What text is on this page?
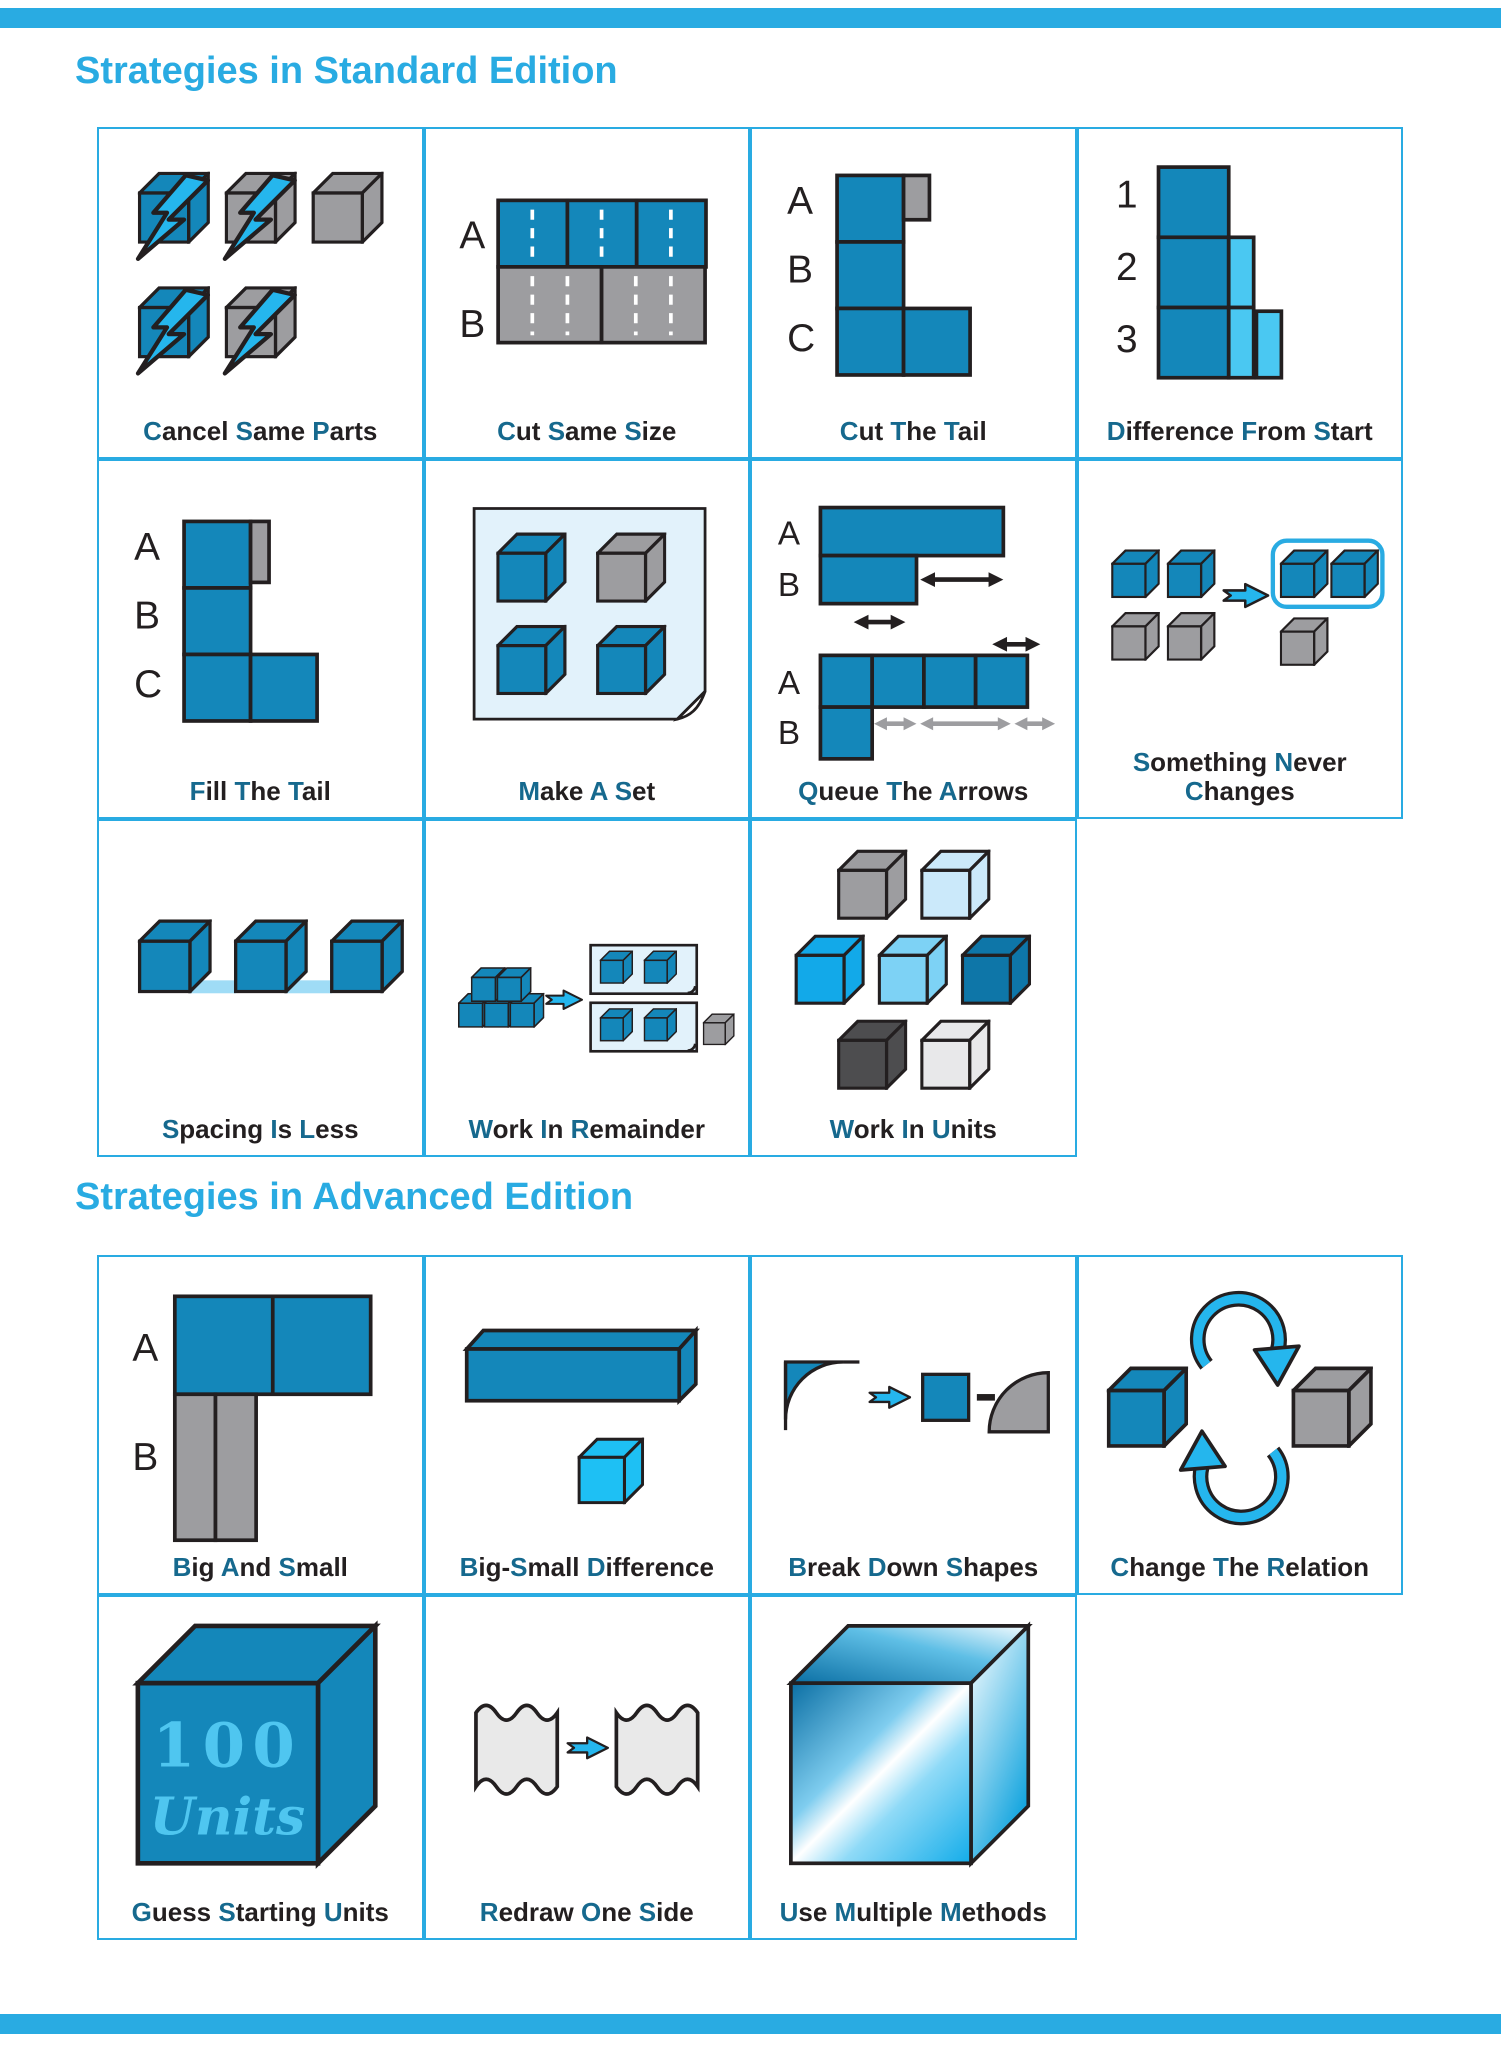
Strategies in Standard Edition
Cancel Same Parts
A
B
Cut Same Size
A
B
C
Cut The Tail
1
2
3
Difference From Start
A
B
C
Fill The Tail	Make A Set
A
B
A
B
Queue The Arrows
Something Never Changes
Spacing Is Less	Work In Remainder	Work In Units
Strategies in Advanced Edition
A
B
Big And Small	Big-Small Difference	Break Down Shapes	Change The Relation
100
Units
Guess Starting Units	Redraw One Side	Use Multiple Methods
